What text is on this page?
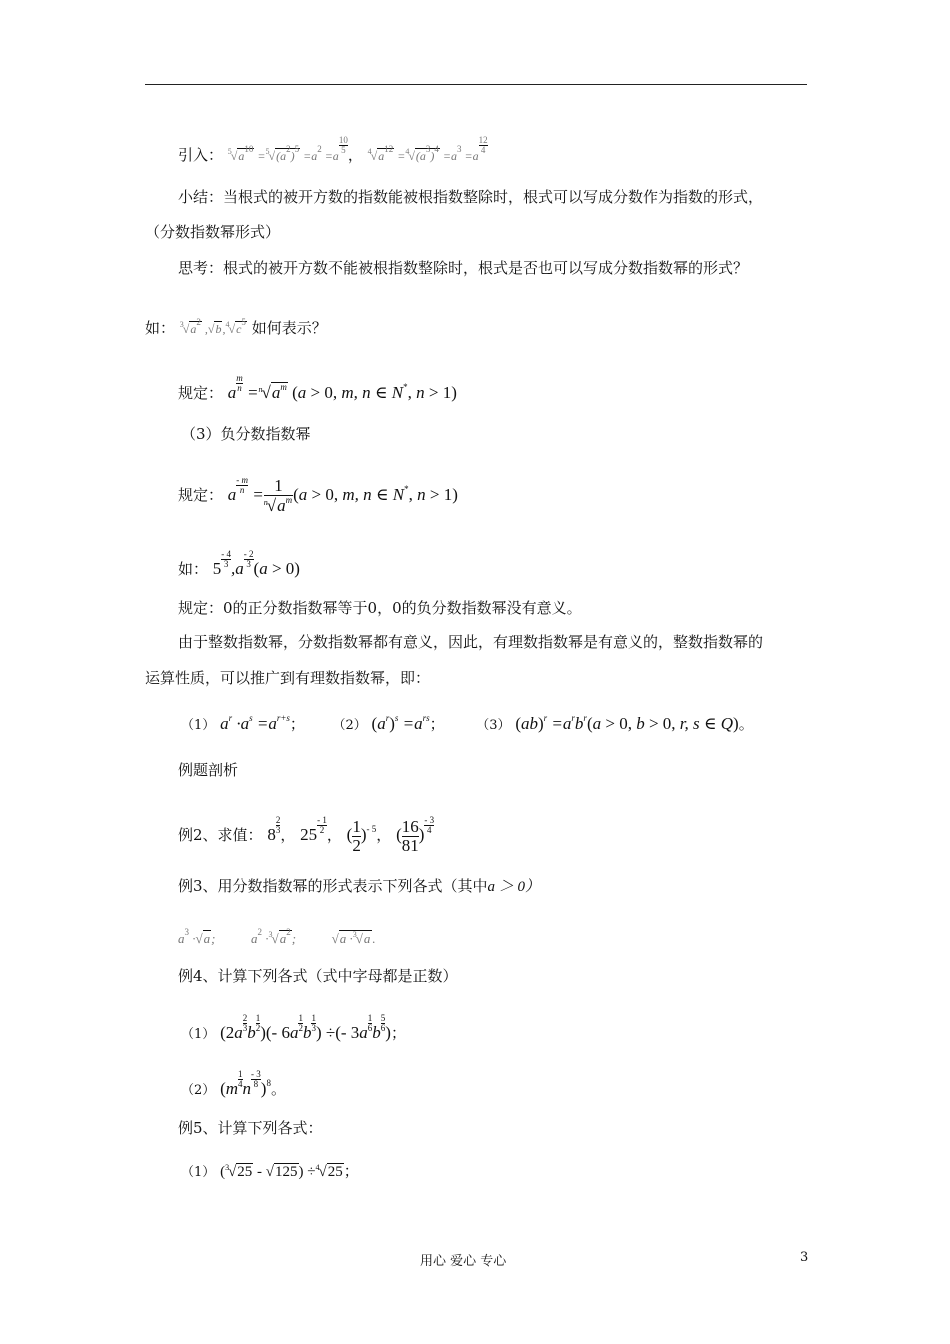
引入： $^5√a^{10} =^5√(a^2)^5 =a^2 =a$
$\frac{10}{5}$ ， $^4√a^{12} =^4√(a^3)^4 =a^3 =a$
$\frac{12}{4}$
小结：当根式的被开方数的指数能被根指数整除时，根式可以写成分数作为指数的形式，
（分数指数幂形式）
思考：根式的被开方数不能被根指数整除时，根式是否也可以写成分数指数幂的形式？
如： $^3√a^2$ $,√b,^4√c^5$ 如何表示？
规定： a $\frac{m}{n} =^n√a^m$ (a > 0, m, n ∈ N*, n > 1)
（3）负分数指数幂
规定： a $\frac{- m}{n} = \frac{1}{^n√a^m} (a > 0$, m, n ∈ N*, n > 1)
如： $5 \frac{- 4}{3} ,a \frac{- 2}{3} (a > 0)$
规定：0的正分数指数幂等于0，0的负分数指数幂没有意义。
由于整数指数幂，分数指数幂都有意义，因此，有理数指数幂是有意义的，整数指数幂的
运算性质，可以推广到有理数指数幂，即：
（1） $a^r \cdot a^s =a^{r+s}$； （2） $(a^r)^s =a^{rs}$； （3） $(ab)^r =a^rb^r(a > 0$, b > 0, r, s ∈ Q)。
例题剖析
例2、求值： $8 \frac{2}{3}$ ， $25 \frac{- 1}{2}$ ， ( $\frac{1}{2} )^{- 5}$， ( $\frac{16}{81}$ ) $\frac{- 3}{4}$
例3、用分数指数幂的形式表示下列各式（其中a ＞ 0）
$a^3 \cdot√a$;	$a^2 \cdot^3√a^2$;	√a ·$^3$√a .
例4、计算下列各式（式中字母都是正数）
（1） ($2a \frac{2}{3}$ b $\frac{1}{2}$ )(- $6a \frac{1}{2}$ b $\frac{1}{3}$ ) ÷(- $3a \frac{1}{6}$ b $\frac{5}{6}$ )；
（2） ($m \frac{1}{4}$ n $\frac{- 3}{8} )^8$。
例5、计算下列各式：
（1） ($^3$√25 - √125) ÷$^4$√25；
用心 爱心 专心	3
